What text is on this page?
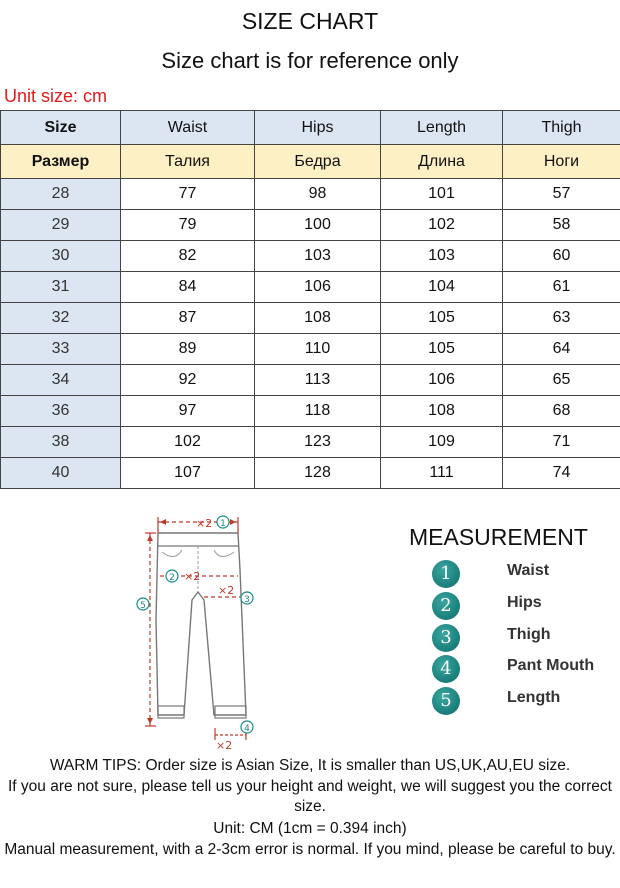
SIZE CHART
Size chart is for reference only
Unit size: cm
Size	Waist	Hips	Length	Thigh
Размер	Талия	Бедра	Длина	Ноги
28	77	98	101	57
29	79	100	102	58
30	82	103	103	60
31	84	106	104	61
32	87	108	105	63
33	89	110	105	64
34	92	113	106	65
36	97	118	108	68
38	102	123	109	71
40	107	128	111	74
×2
×2
×2
×2
1
2
3
4
5
MEASUREMENT
1	Waist
2	Hips
3	Thigh
4	Pant Mouth
5	Length
WARM TIPS: Order size is Asian Size, It is smaller than US,UK,AU,EU size.
If you are not sure, please tell us your height and weight, we will suggest you the correct size.
Unit: CM (1cm = 0.394 inch)
Manual measurement, with a 2-3cm error is normal. If you mind, please be careful to buy.
